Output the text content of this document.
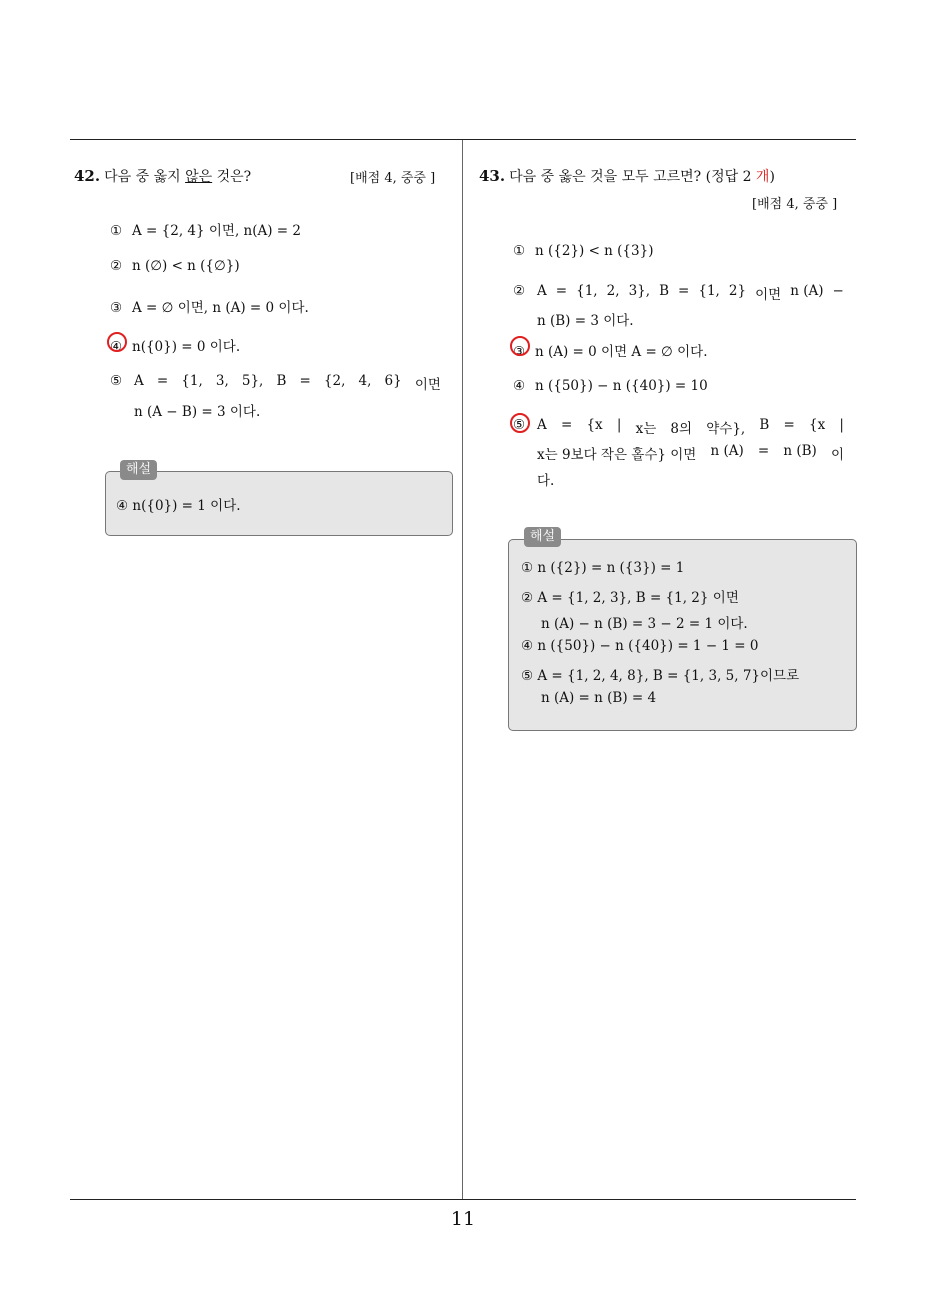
11
42. 다음 중 옳지 않은 것은?	[배점 4, 중중 ]
① A = {2, 4} 이면, n(A) = 2
② n (∅) < n ({∅})
③ A = ∅ 이면, n (A) = 0 이다.
④ n({0}) = 0 이다.
⑤ A = {1, 3, 5}, B = {2, 4, 6} 이면
n (A − B) = 3 이다.
④ n({0}) = 1 이다.
해설
43. 다음 중 옳은 것을 모두 고르면? (정답 2 개)
[배점 4, 중중 ]
① n ({2}) < n ({3})
② A = {1, 2, 3}, B = {1, 2} 이면 n (A) −
n (B) = 3 이다.
③ n (A) = 0 이면 A = ∅ 이다.
④ n ({50}) − n ({40}) = 10
⑤ A = {x | x는 8의 약수}, B = {x |
x는 9보다 작은 홀수} 이면 n (A) = n (B) 이
다.
① n ({2}) = n ({3}) = 1
② A = {1, 2, 3}, B = {1, 2} 이면
n (A) − n (B) = 3 − 2 = 1 이다.
④ n ({50}) − n ({40}) = 1 − 1 = 0
⑤ A = {1, 2, 4, 8}, B = {1, 3, 5, 7}이므로
n (A) = n (B) = 4
해설
